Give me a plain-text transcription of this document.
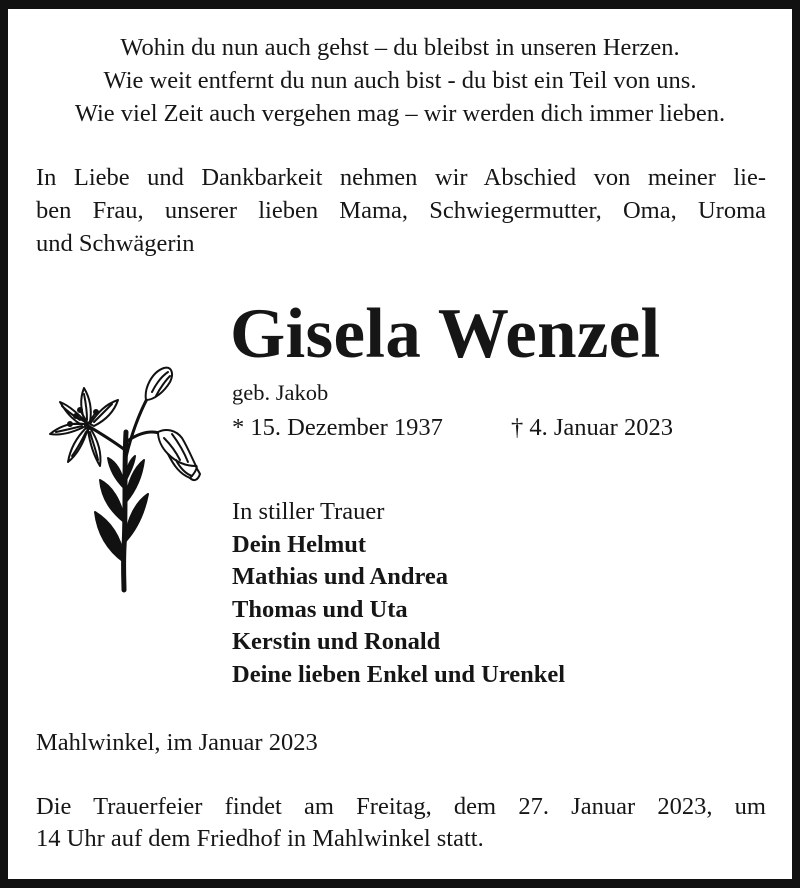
Wohin du nun auch gehst – du bleibst in unseren Herzen.
Wie weit entfernt du nun auch bist - du bist ein Teil von uns.
Wie viel Zeit auch vergehen mag – wir werden dich immer lieben.
In Liebe und Dankbarkeit nehmen wir Abschied von meiner lie-
ben Frau, unserer lieben Mama, Schwiegermutter, Oma, Uroma
und Schwägerin
Gisela Wenzel
geb. Jakob
* 15. Dezember 1937	† 4. Januar 2023
In stiller Trauer
Dein Helmut
Mathias und Andrea
Thomas und Uta
Kerstin und Ronald
Deine lieben Enkel und Urenkel
Mahlwinkel, im Januar 2023
Die Trauerfeier findet am Freitag, dem 27. Januar 2023, um
14 Uhr auf dem Friedhof in Mahlwinkel statt.
